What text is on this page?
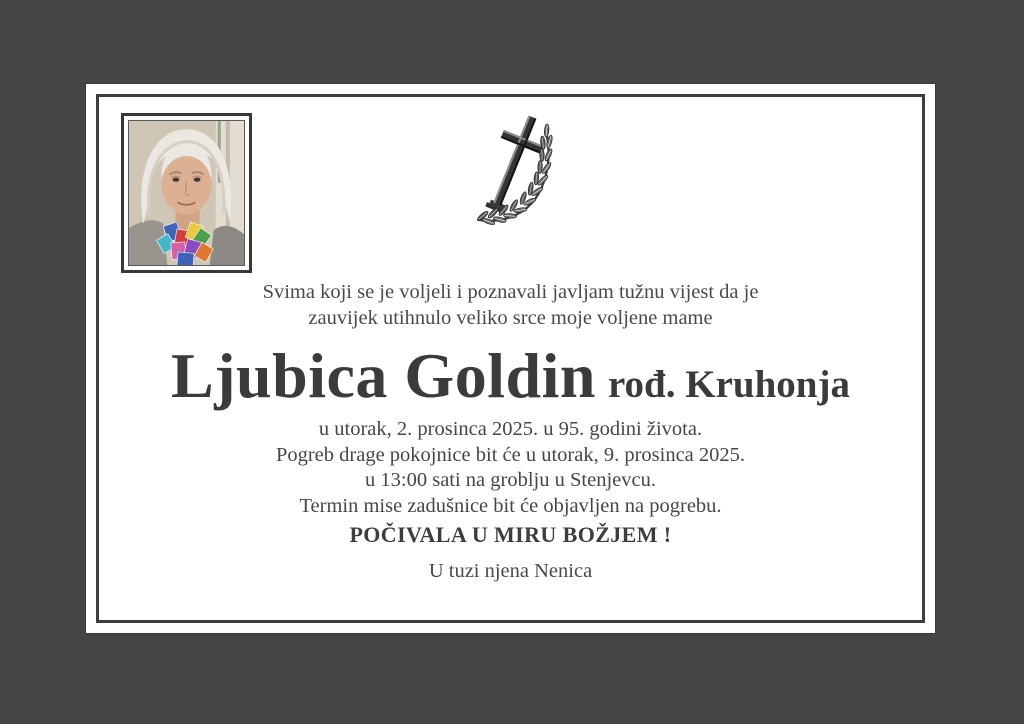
Svima koji se je voljeli i poznavali javljam tužnu vijest da je
zauvijek utihnulo veliko srce moje voljene mame
Ljubica Goldin rođ. Kruhonja
u utorak, 2. prosinca 2025. u 95. godini života.
Pogreb drage pokojnice bit će u utorak, 9. prosinca 2025.
u 13:00 sati na groblju u Stenjevcu.
Termin mise zadušnice bit će objavljen na pogrebu.
POČIVALA U MIRU BOŽJEM !
U tuzi njena Nenica
